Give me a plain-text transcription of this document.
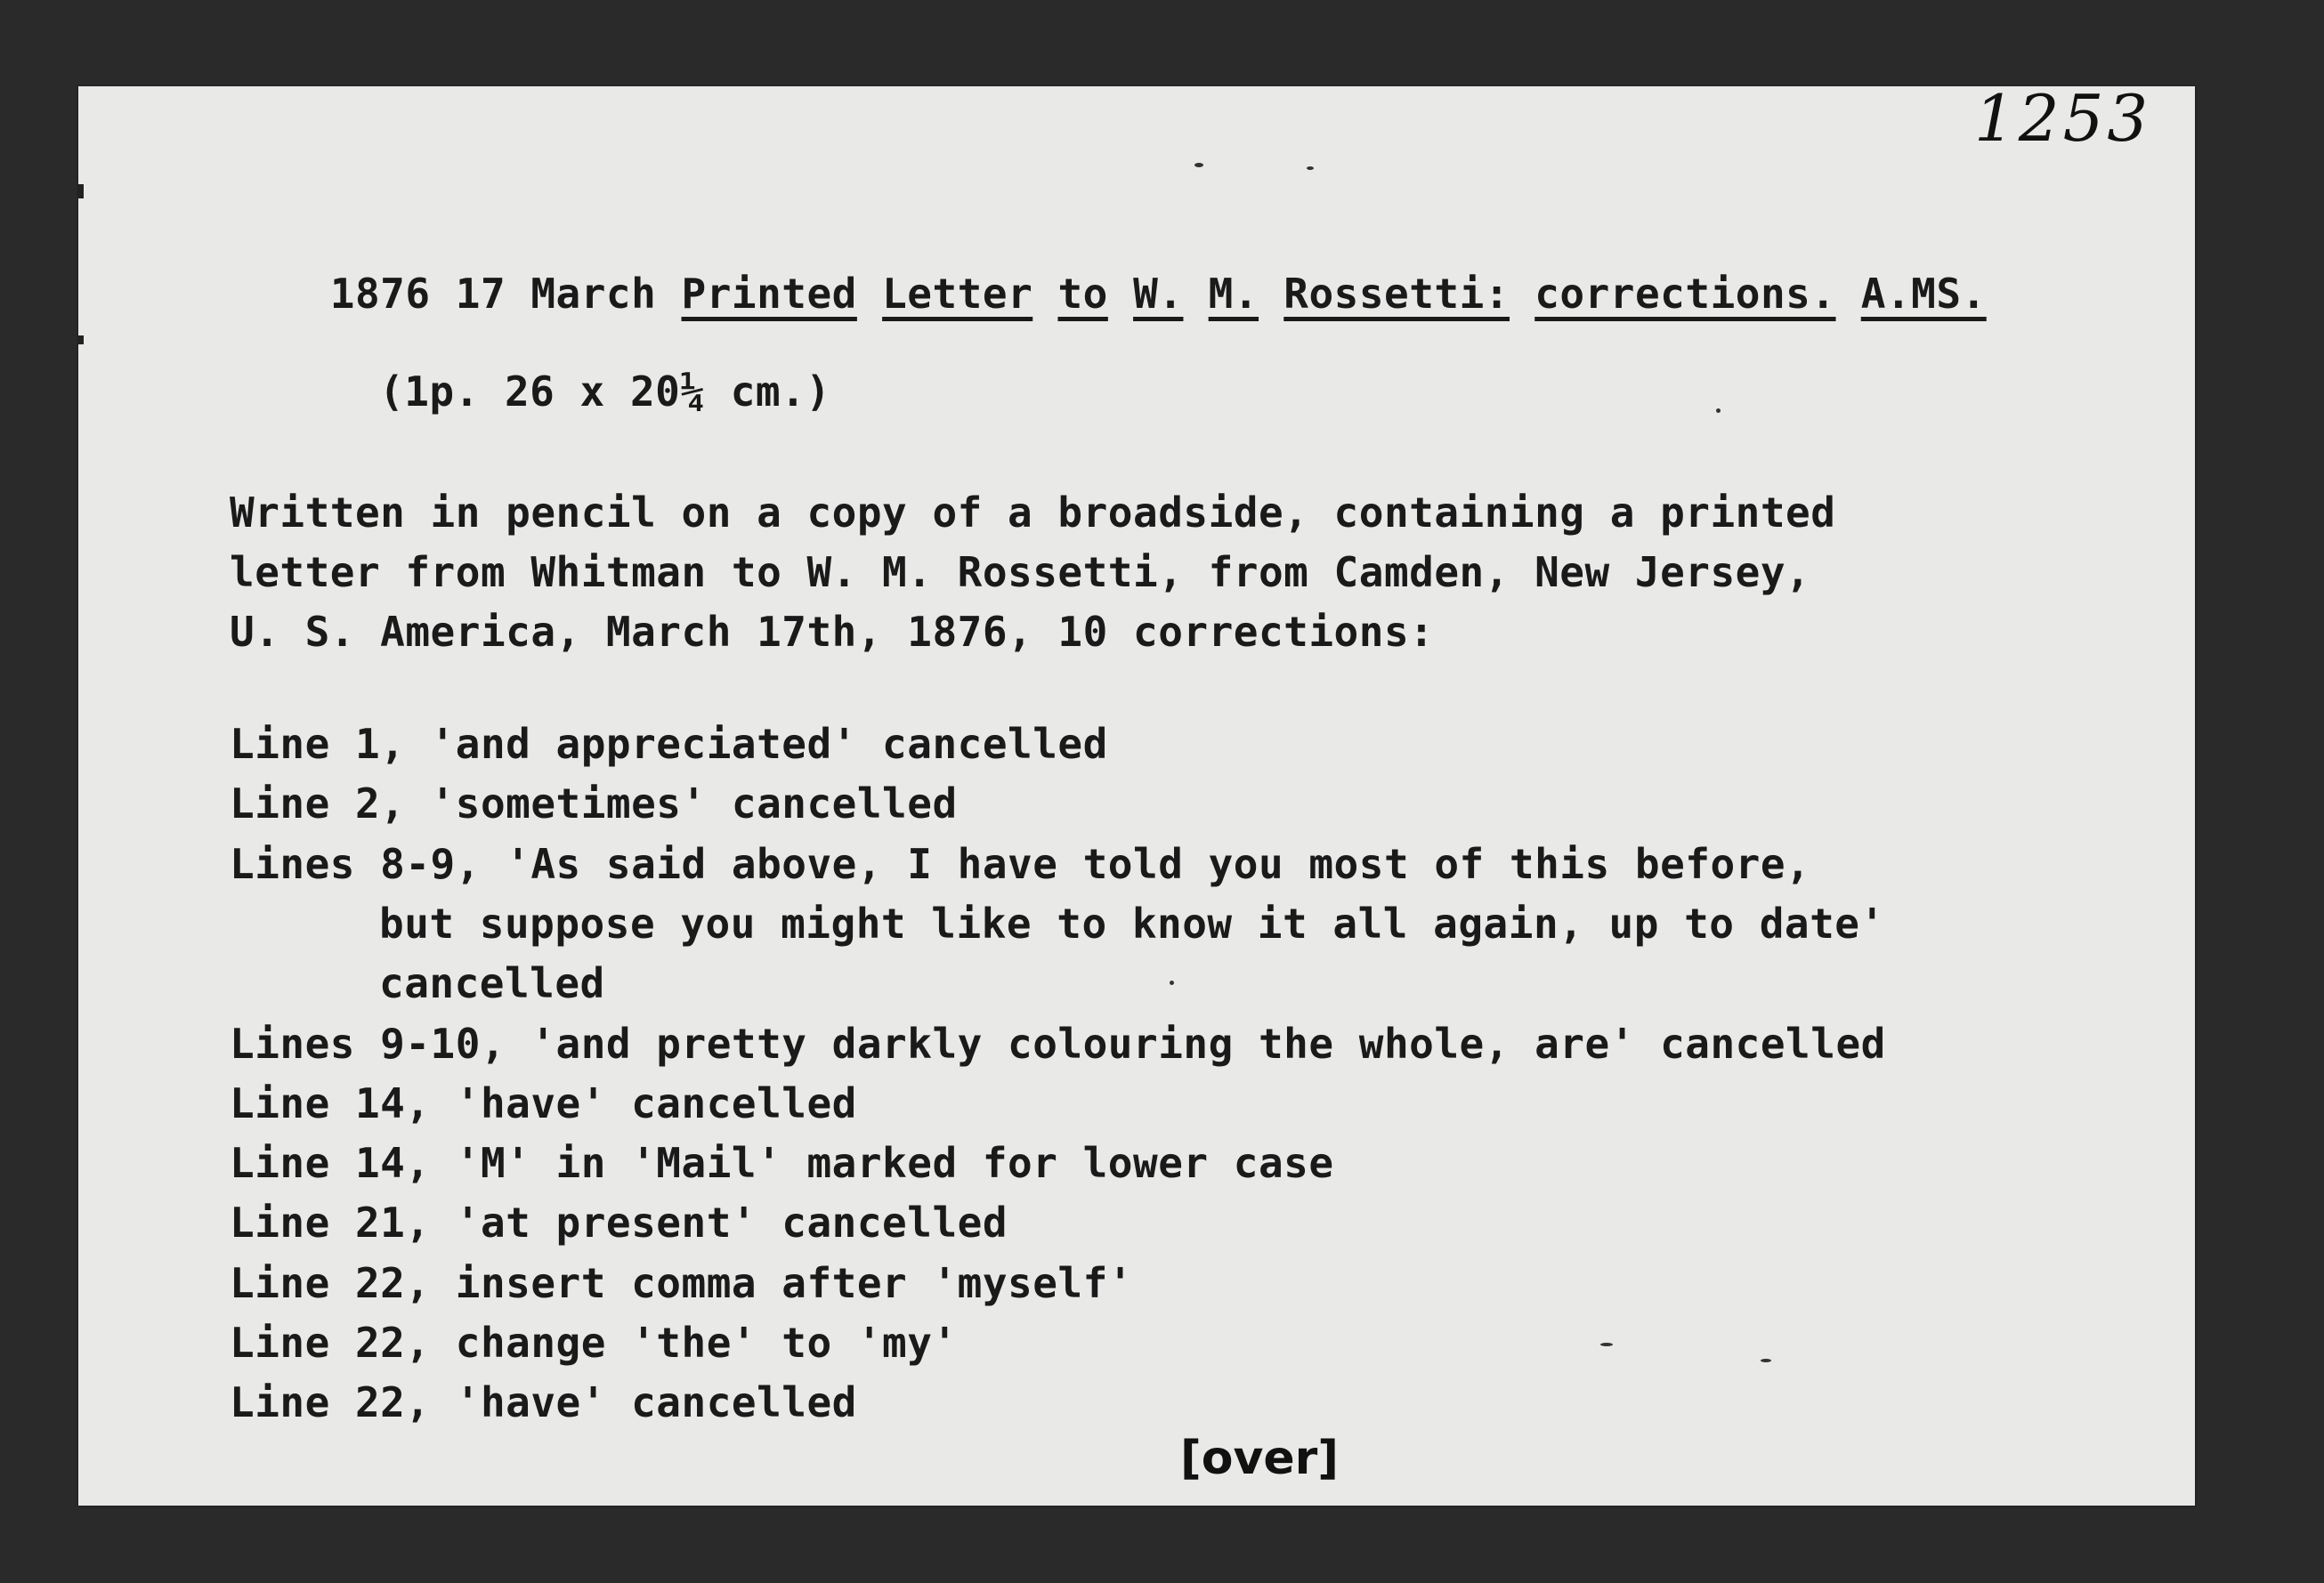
1253

1876 17 March Printed Letter to W. M. Rossetti: corrections. A.MS.

(1p. 26 x 20¼ cm.)
Written in pencil on a copy of a broadside, containing a printed
letter from Whitman to W. M. Rossetti, from Camden, New Jersey,
U. S. America, March 17th, 1876, 10 corrections:
Line 1, 'and appreciated' cancelled
Line 2, 'sometimes' cancelled
Lines 8-9, 'As said above, I have told you most of this before,
but suppose you might like to know it all again, up to date'
cancelled
Lines 9-10, 'and pretty darkly colouring the whole, are' cancelled
Line 14, 'have' cancelled
Line 14, 'M' in 'Mail' marked for lower case
Line 21, 'at present' cancelled
Line 22, insert comma after 'myself'
Line 22, change 'the' to 'my'
Line 22, 'have' cancelled
[over]
